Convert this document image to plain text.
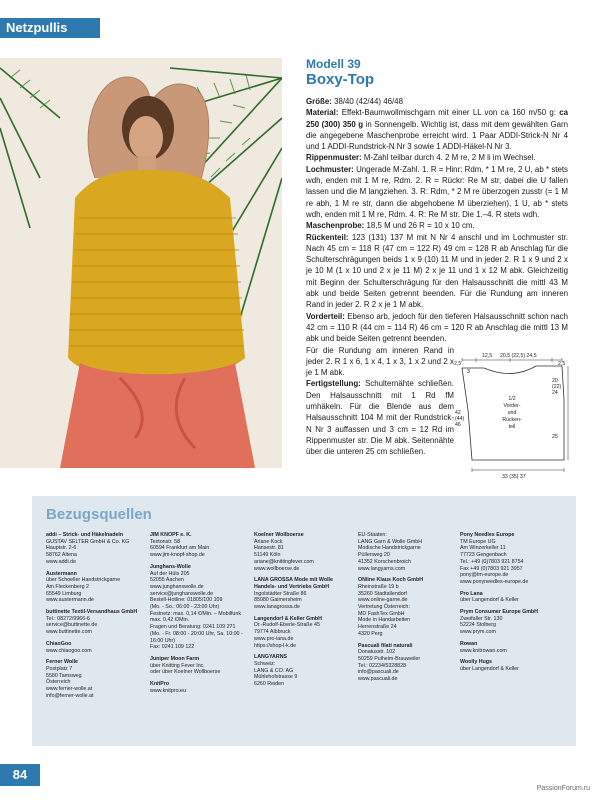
Netzpullis
Modell 39
Boxy-Top

Größe: 38/40 (42/44) 46/48

Material: Effekt-Baumwollmischgarn mit einer LL von ca 160 m/50 g: ca 250 (300) 350 g in Sonnengelb. Wichtig ist, dass mit dem gewählten Garn die angegebene Maschenprobe erreicht wird. 1 Paar ADDI-Strick-N Nr 4 und 1 ADDI-Rundstrick-N Nr 3 sowie 1 ADDI-Häkel-N Nr 3.

Rippenmuster: M-Zahl teilbar durch 4. 2 M re, 2 M li im Wechsel.

Lochmuster: Ungerade M-Zahl. 1. R = Hinr: Rdm, * 1 M re, 2 U, ab * stets wdh, enden mit 1 M re, Rdm. 2. R = Rückr: Re M str, dabei die U fallen lassen und die M langziehen. 3. R: Rdm, * 2 M re überzogen zusstr (= 1 M re abh, 1 M re str, dann die abgehobene M überziehen), 1 U, ab * stets wdh, enden mit 1 M re, Rdm. 4. R: Re M str. Die 1.–4. R stets wdh.

Maschenprobe: 18,5 M und 26 R = 10 x 10 cm.

Rückenteil: 123 (131) 137 M mit N Nr 4 anschl und im Lochmuster str. Nach 45 cm = 118 R (47 cm = 122 R) 49 cm = 128 R ab Anschlag für die Schulterschrägungen beids 1 x 9 (10) 11 M und in jeder 2. R 1 x 9 und 2 x je 10 M (1 x 10 und 2 x je 11 M) 2 x je 11 und 1 x 12 M abk. Gleichzeitig mit Beginn der Schulterschrägung für den Halsausschnitt die mittl 43 M abk und beide Seiten getrennt beenden. Für die Rundung am inneren Rand in jeder 2. R 2 x je 1 M abk.

Vorderteil: Ebenso arb, jedoch für den tieferen Halsausschnitt schon nach 42 cm = 110 R (44 cm = 114 R) 46 cm = 120 R ab Anschlag die mittl 13 M abk und beide Seiten getrennt beenden.

Für die Rundung am inneren Rand in jeder 2. R 1 x 6, 1 x 4, 1 x 3, 1 x 2 und 2 x je 1 M abk.

Fertigstellung: Schulternähte schließen. Den Halsausschnitt mit 1 Rd fM umhäkeln. Für die Blende aus dem Halsausschnitt 104 M mit der Rundstrick-N Nr 3 auffassen und 3 cm = 12 Rd im Rippenmuster str. Die M abk. Seitennähte über die unteren 25 cm schließen.

2,5
12,5 20,5 (22,5) 24,5
2,5
3
20
(22)
24
42
(44)
46
25
33 (35) 37
1/2
Vorder-
und
Rücken-
teil
Bezugsquellen
addi – Strick- und Häkelnadeln
GUSTAV SELTER GmbH & Co. KG
Hauptstr. 2-6
58762 Altena
www.addi.de
Austermann
über Schoeller Handstrickgarne
Am Fleckenberg 2
65549 Limburg
www.austermann.de
buttinette Textil-Versandhaus GmbH
Tel.: 08272/9966-6
service@buttinette.de
www.buttinette.com
ChiaoGoo
www.chiaogoo.com
Ferner Wolle
Postplatz 7
5580 Tamsweg
Österreich
www.ferner-wolle.at
info@ferner-wolle.at
JIM KNOPF e. K.
Textonstr. 58
60594 Frankfurt am Main
www.jim-knopf-shop.de
Junghans-Wolle
Auf der Hüls 205
52055 Aachen
www.junghanswolle.de
service@junghanswolle.de
Bestell-Hotline: 01805/100 109
(Mo. - So.: 06:00 - 23:00 Uhr)
Festnetz: max. 0,14 €/Min. – Mobilfunk max. 0,42 €/Min.
Fragen und Beratung: 0241 109 271
(Mo. - Fr. 08:00 - 20:00 Uhr, Sa. 10:00 - 16:00 Uhr)
Fax: 0241 109 122
Juniper Moon Farm
über Knitting Fever Inc.
oder über Koelner Wollboerse
KnitPro
www.knitpro.eu
Koelner Wollboerse
Ariane Kock
Hansestr. 81
51149 Köln
ariane@knittingfever.com
www.wollboerse.de
LANA GROSSA Mode mit Wolle Handels- und Vertriebs GmbH
Ingolstädter Straße 86
85080 Gaimersheim
www.lanagrossa.de
Langendorf & Keller GmbH
Dr.-Rudolf-Eberle-Straße 45
79774 Albbruck
www.pro-lana.de
https://shop-l-k.de
LANGYARNS
Schweiz:
LANG & CO. AG
Mühlehofstrasse 9
6260 Reiden
EU-Staaten:
LANG Garn & Wolle GmbH
Modische Handstrickgarne
Püllenweg 20
41352 Korschenbroich
www.langyarns.com
ONline Klaus Koch GmbH
Rheinstraße 19 b
35260 Stadtallendorf
www.online-garne.de
Vertretung Österreich:
MD FashTex GmbH
Mode in Handarbeiten
Herrenstraße 24
4320 Perg
Pascuali filati naturali
Donatusstr. 102
50259 Pulheim-Brauweiler
Tel.: 02234/5328828
info@pascuali.de
www.pascuali.de
Pony Needles Europe
TM Europe UG
Am Winzerkeller 11
77723 Gengenbach
Tel.: +49 (0)7803 921 8754
Fax +49 (0)7803 921 3957
pony@tm-europe.de
www.ponyneedles-europe.de
Pro Lana
über Langendorf & Keller
Prym Consumer Europe GmbH
Zweifaller Str. 130
52224 Stolberg
www.prym.com
Rowan
www.knitrowan.com
Woolly Hugs
über Langendorf & Keller
84
PassionForum.ru
